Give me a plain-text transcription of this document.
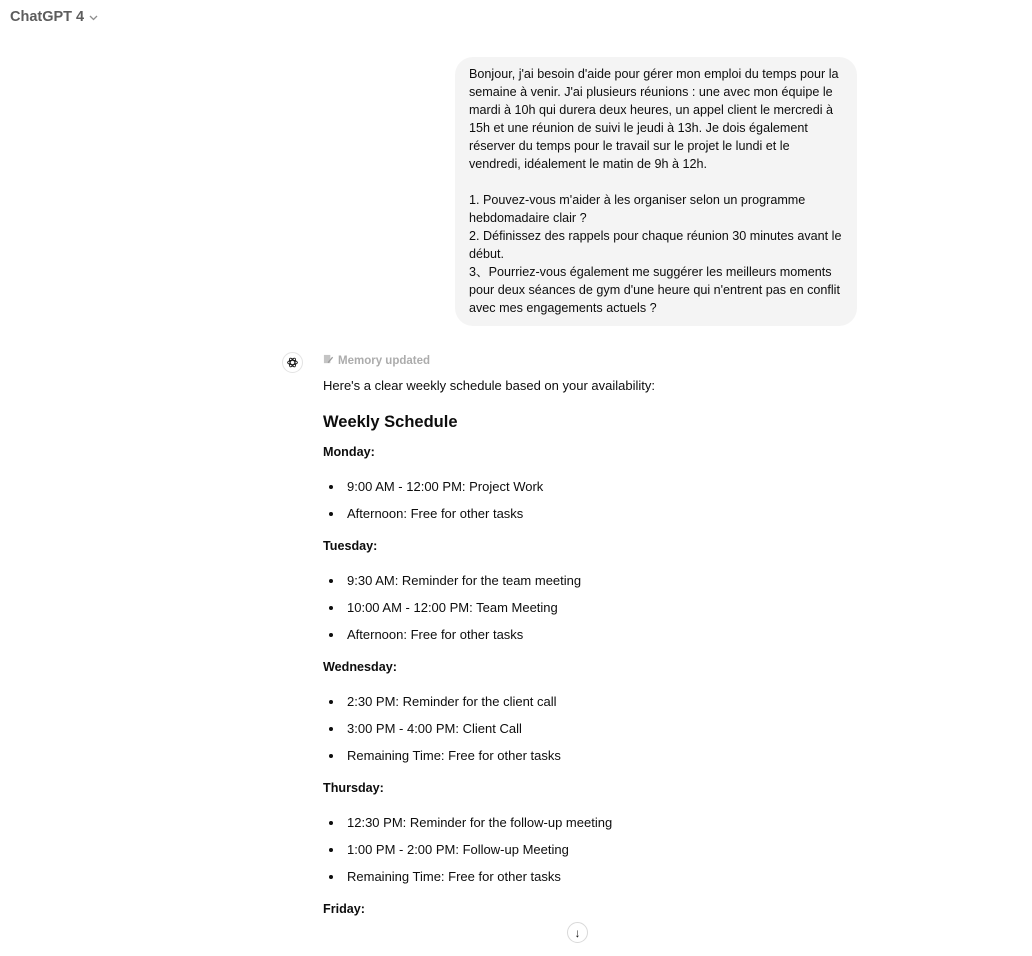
ChatGPT 4

Bonjour, j'ai besoin d'aide pour gérer mon emploi du temps pour la semaine à venir. J'ai plusieurs réunions : une avec mon équipe le mardi à 10h qui durera deux heures, un appel client le mercredi à 15h et une réunion de suivi le jeudi à 13h. Je dois également réserver du temps pour le travail sur le projet le lundi et le vendredi, idéalement le matin de 9h à 12h.

1. Pouvez-vous m'aider à les organiser selon un programme hebdomadaire clair ?

2. Définissez des rappels pour chaque réunion 30 minutes avant le début.

3、Pourriez-vous également me suggérer les meilleurs moments pour deux séances de gym d'une heure qui n'entrent pas en conflit avec mes engagements actuels ?

Memory updated
Here's a clear weekly schedule based on your availability:
Weekly Schedule
Monday:
9:00 AM - 12:00 PM: Project Work
Afternoon: Free for other tasks
Tuesday:
9:30 AM: Reminder for the team meeting
10:00 AM - 12:00 PM: Team Meeting
Afternoon: Free for other tasks
Wednesday:
2:30 PM: Reminder for the client call
3:00 PM - 4:00 PM: Client Call
Remaining Time: Free for other tasks
Thursday:
12:30 PM: Reminder for the follow-up meeting
1:00 PM - 2:00 PM: Follow-up Meeting
Remaining Time: Free for other tasks
Friday:
↓
